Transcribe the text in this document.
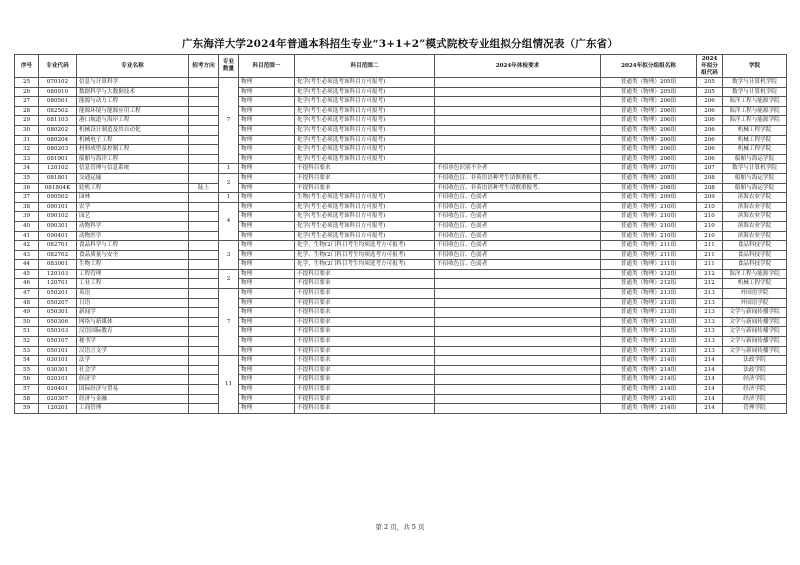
广东海洋大学2024年普通本科招生专业“3+1+2”模式院校专业组拟分组情况表（广东省）
序号	专业代码	专业名称	招考方向	专业数量	科目范围一	科目范围二	2024年体检要求	2024年拟分组组名称	2024年拟分组代码	学院
25	070102	信息与计算科学		7	物理	化学(考生必须选考该科目方可报考)		普通类（物理）205组	205	数学与计算机学院
26	080910	数据科学与大数据技术			物理	化学(考生必须选考该科目方可报考)		普通类（物理）205组	205	数学与计算机学院
27	080501	能源与动力工程			物理	化学(考生必须选考该科目方可报考)		普通类（物理）206组	206	海洋工程与能源学院
28	082502	能源环境与能源应用工程			物理	化学(考生必须选考该科目方可报考)		普通类（物理）206组	206	海洋工程与能源学院
29	081103	港口航道与海岸工程			物理	化学(考生必须选考该科目方可报考)		普通类（物理）206组	206	海洋工程与能源学院
30	080202	机械设计制造及其自动化			物理	化学(考生必须选考该科目方可报考)		普通类（物理）206组	206	机械工程学院
31	080204	机械电子工程			物理	化学(考生必须选考该科目方可报考)		普通类（物理）206组	206	机械工程学院
32	080203	材料成型及控制工程			物理	化学(考生必须选考该科目方可报考)		普通类（物理）206组	206	机械工程学院
33	081901	船舶与海洋工程			物理	化学(考生必须选考该科目方可报考)		普通类（物理）206组	206	船舶与海运学院
34	120102	信息管理与信息系统		1	物理	不提科目要求	不招单色识别不全者	普通类（物理）207组	207	数学与计算机学院
35	081801	交通运输		2	物理	不提科目要求	不招收色盲、非英语语种考生请慎重报考。	普通类（物理）208组	208	船舶与海运学院
36	081804K	轮机工程	陆上		物理	不提科目要求	不招收色盲、非英语语种考生请慎重报考。	普通类（物理）208组	208	船舶与海运学院
37	090502	园林		1	物理	生物(考生必须选考该科目方可报考)	不招收色盲、色弱者	普通类（物理）209组	209	滨海农业学院
38	090101	农学		4	物理	化学(考生必须选考该科目方可报考)	不招收色盲、色弱者	普通类（物理）210组	210	滨海农业学院
39	090102	园艺			物理	化学(考生必须选考该科目方可报考)	不招收色盲、色弱者	普通类（物理）210组	210	滨海农业学院
40	090301	动物科学			物理	化学(考生必须选考该科目方可报考)	不招收色盲、色弱者	普通类（物理）210组	210	滨海农业学院
41	090401	动物医学			物理	化学(考生必须选考该科目方可报考)	不招收色盲、色弱者	普通类（物理）210组	210	滨海农业学院
42	082701	食品科学与工程		3	物理	化学、生物(2门科目考生均须选考方可报考)	不招收色盲、色弱者	普通类（物理）211组	211	食品科技学院
43	082702	食品质量与安全			物理	化学、生物(2门科目考生均须选考方可报考)	不招收色盲、色弱者	普通类（物理）211组	211	食品科技学院
44	083001	生物工程			物理	化学、生物(2门科目考生均须选考方可报考)	不招收色盲、色弱者	普通类（物理）211组	211	食品科技学院
45	120103	工程管理		2	物理	不提科目要求		普通类（物理）212组	212	海洋工程与能源学院
46	120701	工业工程			物理	不提科目要求		普通类（物理）212组	212	机械工程学院
47	050201	英语		7	物理	不提科目要求		普通类（物理）213组	213	外国语学院
48	050207	日语			物理	不提科目要求		普通类（物理）213组	213	外国语学院
49	050301	新闻学			物理	不提科目要求		普通类（物理）213组	213	文学与新闻传播学院
50	050306	网络与新媒体			物理	不提科目要求		普通类（物理）213组	213	文学与新闻传播学院
51	050103	汉语国际教育			物理	不提科目要求		普通类（物理）213组	213	文学与新闻传播学院
52	050107	秘书学			物理	不提科目要求		普通类（物理）213组	213	文学与新闻传播学院
53	050101	汉语言文学			物理	不提科目要求		普通类（物理）213组	213	文学与新闻传播学院
54	030101	法学		11	物理	不提科目要求		普通类（物理）214组	214	法政学院
55	030301	社会学			物理	不提科目要求		普通类（物理）214组	214	法政学院
56	020101	经济学			物理	不提科目要求		普通类（物理）214组	214	经济学院
57	020401	国际经济与贸易			物理	不提科目要求		普通类（物理）214组	214	经济学院
58	020307	经济与金融			物理	不提科目要求		普通类（物理）214组	214	经济学院
59	120201	工商管理			物理	不提科目要求		普通类（物理）214组	214	管理学院
第 2 页，共 5 页
